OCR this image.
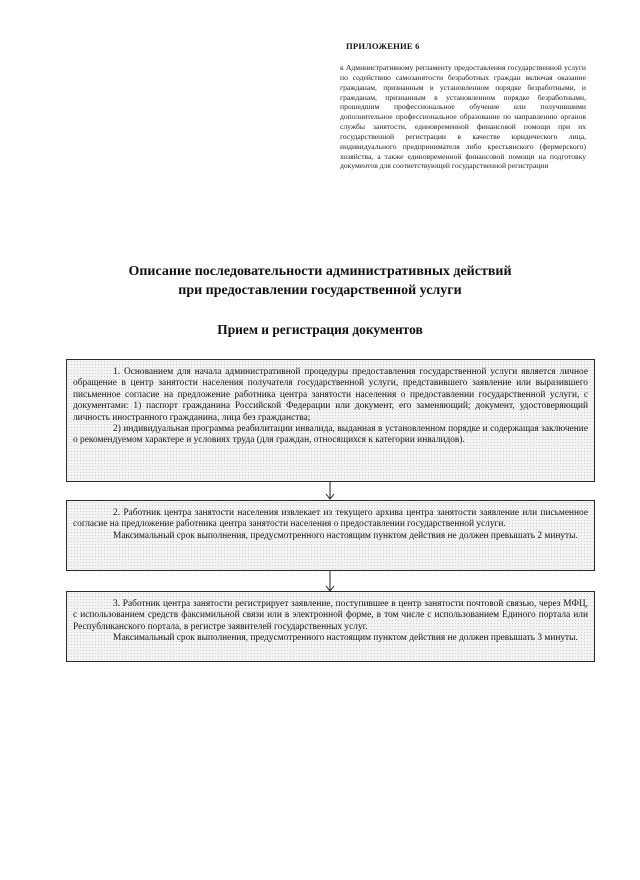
ПРИЛОЖЕНИЕ 6
к Административному регламенту предоставления государственной услуги по содействию самозанятости безработных граждан включая оказание гражданам, признанным в установленном порядке безработными, и гражданам, признанным в установленном порядке безработными, прошедшим профессиональное обучение или получившими дополнительное профессиональное образование по направлению органов службы занятости, единовременной финансовой помощи при их государственной регистрации в качестве юридического лица, индивидуального предпринимателя либо крестьянского (фермерского) хозяйства, а также единовременной финансовой помощи на подготовку документов для соответствующей государственной регистрации
Описание последовательности административных действий
при предоставлении государственной услуги
Прием и регистрация документов

1. Основанием для начала административной процедуры предоставления государственной услуги является личное обращение в центр занятости населения получателя государственной услуги, представившего заявление или выразившего письменное согласие на предложение работника центра занятости населения о предоставлении государственной услуги, с документами: 1) паспорт гражданина Российской Федерации или документ, его заменяющий; документ, удостоверяющий личность иностранного гражданина, лица без гражданства;

2) индивидуальная программа реабилитации инвалида, выданная в установленном порядке и содержащая заключение о рекомендуемом характере и условиях труда (для граждан, относящихся к категории инвалидов).

2. Работник центра занятости населения извлекает из текущего архива центра занятости заявление или письменное согласие на предложение работника центра занятости населения о предоставлении государственной услуги.

Максимальный срок выполнения, предусмотренного настоящим пунктом действия не должен превышать 2 минуты.

3. Работник центра занятости регистрирует заявление, поступившее в центр занятости почтовой связью, через МФЦ, с использованием средств факсимильной связи или в электронной форме, в том числе с использованием Единого портала или Республиканского портала, в регистре заявителей государственных услуг.

Максимальный срок выполнения, предусмотренного настоящим пунктом действия не должен превышать 3 минуты.
